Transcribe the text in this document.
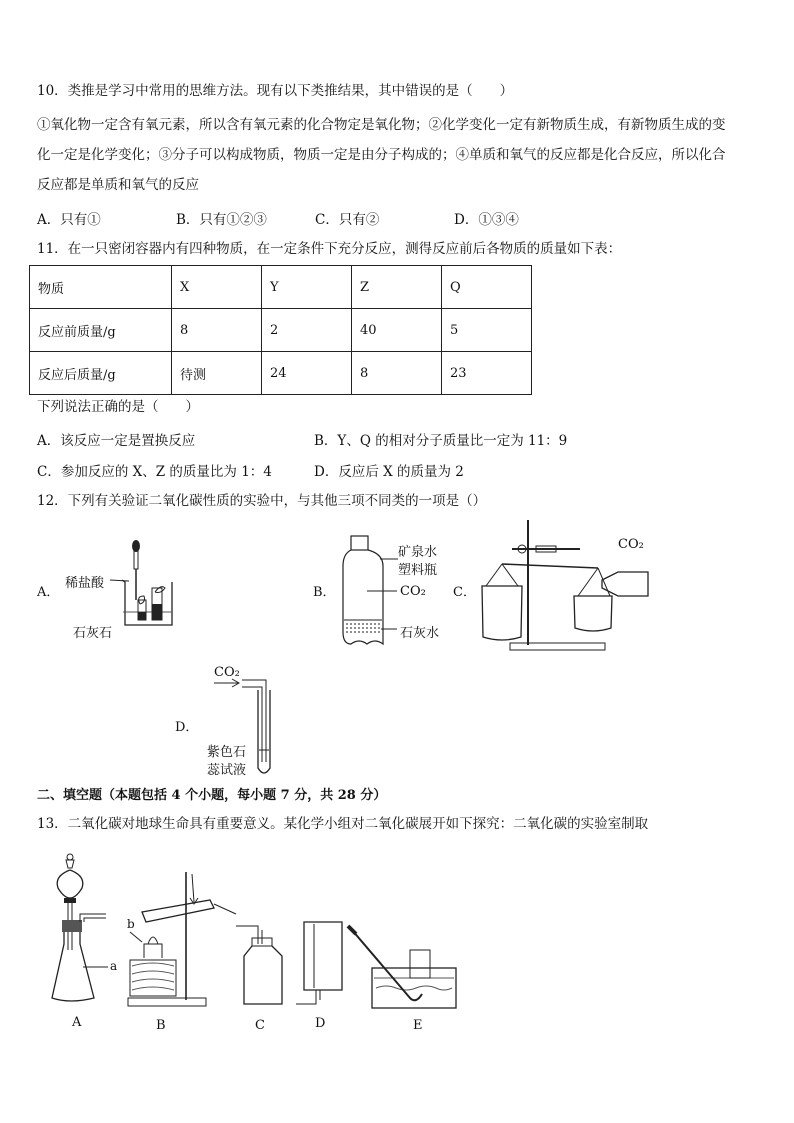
10．类推是学习中常用的思维方法。现有以下类推结果，其中错误的是（　　）
①氧化物一定含有氧元素，所以含有氧元素的化合物定是氧化物；②化学变化一定有新物质生成，有新物质生成的变
化一定是化学变化；③分子可以构成物质，物质一定是由分子构成的；④单质和氧气的反应都是化合反应，所以化合
反应都是单质和氧气的反应
A．只有①	B．只有①②③	C．只有②	D．①③④
11．在一只密闭容器内有四种物质，在一定条件下充分反应，测得反应前后各物质的质量如下表：
物质	X	Y	Z	Q
反应前质量/g	8	2	40	5
反应后质量/g	待测	24	8	23
下列说法正确的是（　　）
A．该反应一定是置换反应	B．Y、Q 的相对分子质量比一定为 11：9
C．参加反应的 X、Z 的质量比为 1：4	D．反应后 X 的质量为 2
12．下列有关验证二氧化碳性质的实验中，与其他三项不同类的一项是（）
A．
稀盐酸
石灰石
B．
矿泉水
塑料瓶
CO₂
石灰水
C．
CO₂
D．
CO₂
紫色石
蕊试液
二、填空题（本题包括 4 个小题，每小题 7 分，共 28 分）
13．二氧化碳对地球生命具有重要意义。某化学小组对二氧化碳展开如下探究：二氧化碳的实验室制取
b
a
A	B	C	D	E
